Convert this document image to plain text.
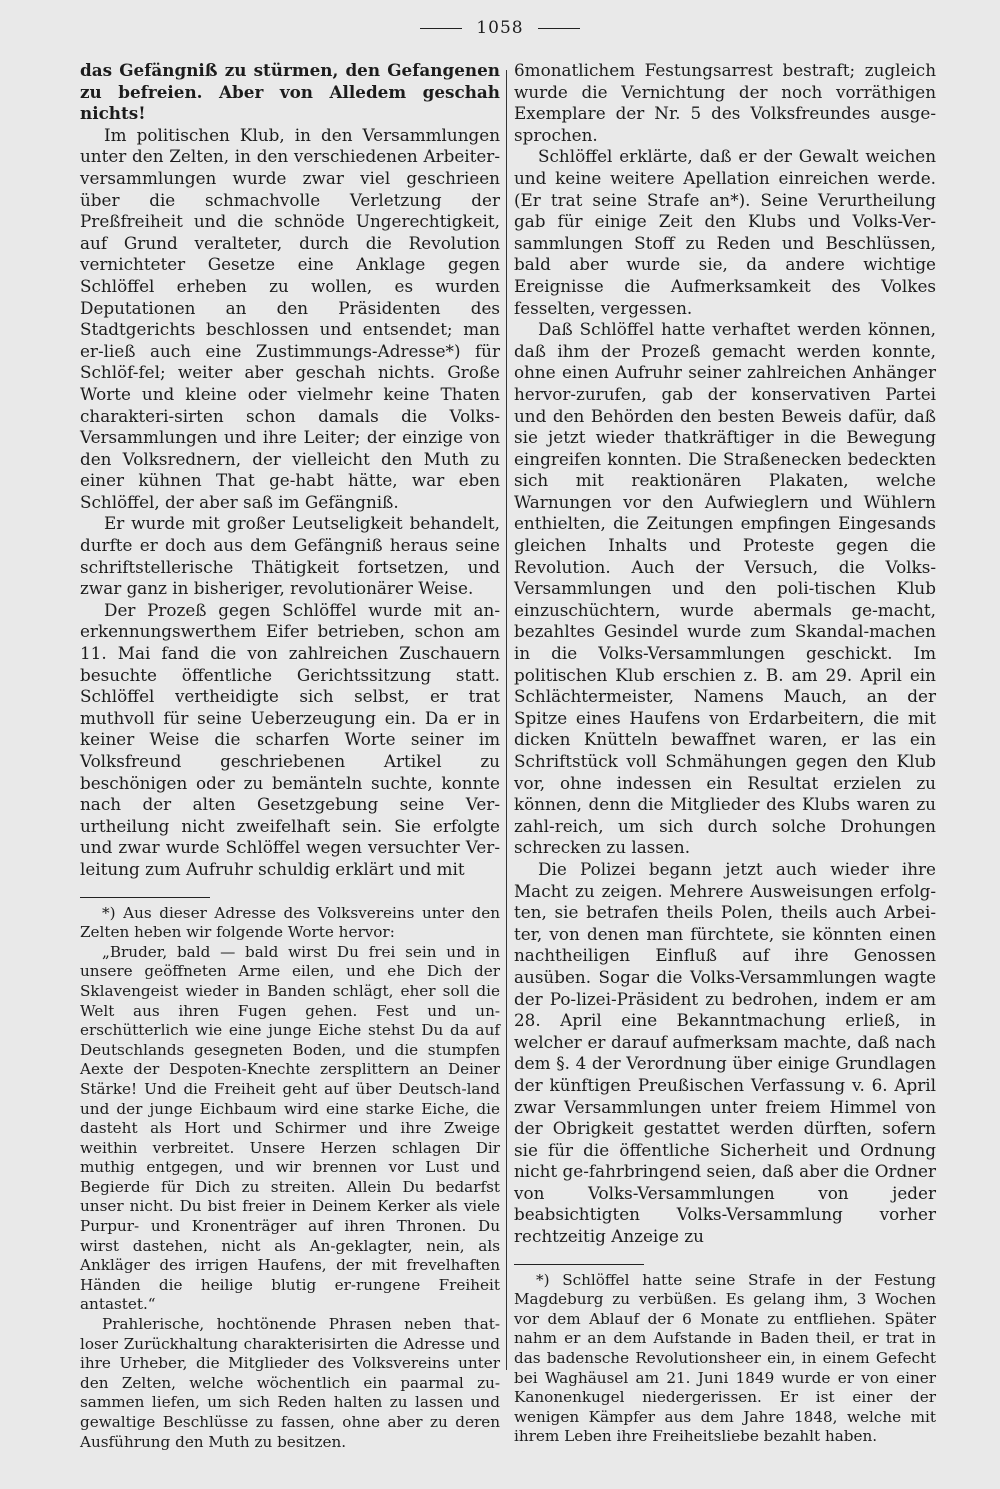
1058

das Gefängniß zu stürmen, den Gefangenen zu befreien. Aber von Alledem geschah nichts!

Im politischen Klub, in den Versammlungen unter den Zelten, in den verschiedenen Arbeiter-versammlungen wurde zwar viel geschrieen über die schmachvolle Verletzung der Preßfreiheit und die schnöde Ungerechtigkeit, auf Grund veralteter, durch die Revolution vernichteter Gesetze eine Anklage gegen Schlöffel erheben zu wollen, es wurden Deputationen an den Präsidenten des Stadtgerichts beschlossen und entsendet; man er-ließ auch eine Zustimmungs-Adresse*) für Schlöf-fel; weiter aber geschah nichts. Große Worte und kleine oder vielmehr keine Thaten charakteri-sirten schon damals die Volks-Versammlungen und ihre Leiter; der einzige von den Volksrednern, der vielleicht den Muth zu einer kühnen That ge-habt hätte, war eben Schlöffel, der aber saß im Gefängniß.

Er wurde mit großer Leutseligkeit behandelt, durfte er doch aus dem Gefängniß heraus seine schriftstellerische Thätigkeit fortsetzen, und zwar ganz in bisheriger, revolutionärer Weise.

Der Prozeß gegen Schlöffel wurde mit an-erkennungswerthem Eifer betrieben, schon am 11. Mai fand die von zahlreichen Zuschauern besuchte öffentliche Gerichtssitzung statt. Schlöffel vertheidigte sich selbst, er trat muthvoll für seine Ueberzeugung ein. Da er in keiner Weise die scharfen Worte seiner im Volksfreund geschriebenen Artikel zu beschönigen oder zu bemänteln suchte, konnte nach der alten Gesetzgebung seine Ver-urtheilung nicht zweifelhaft sein. Sie erfolgte und zwar wurde Schlöffel wegen versuchter Ver-leitung zum Aufruhr schuldig erklärt und mit

*) Aus dieser Adresse des Volksvereins unter den Zelten heben wir folgende Worte hervor:

„Bruder, bald — bald wirst Du frei sein und in unsere geöffneten Arme eilen, und ehe Dich der Sklavengeist wieder in Banden schlägt, eher soll die Welt aus ihren Fugen gehen. Fest und un-erschütterlich wie eine junge Eiche stehst Du da auf Deutschlands gesegneten Boden, und die stumpfen Aexte der Despoten-Knechte zersplittern an Deiner Stärke! Und die Freiheit geht auf über Deutsch-land und der junge Eichbaum wird eine starke Eiche, die dasteht als Hort und Schirmer und ihre Zweige weithin verbreitet. Unsere Herzen schlagen Dir muthig entgegen, und wir brennen vor Lust und Begierde für Dich zu streiten. Allein Du bedarfst unser nicht. Du bist freier in Deinem Kerker als viele Purpur- und Kronenträger auf ihren Thronen. Du wirst dastehen, nicht als An-geklagter, nein, als Ankläger des irrigen Haufens, der mit frevelhaften Händen die heilige blutig er-rungene Freiheit antastet.“

Prahlerische, hochtönende Phrasen neben that-loser Zurückhaltung charakterisirten die Adresse und ihre Urheber, die Mitglieder des Volksvereins unter den Zelten, welche wöchentlich ein paarmal zu-sammen liefen, um sich Reden halten zu lassen und gewaltige Beschlüsse zu fassen, ohne aber zu deren Ausführung den Muth zu besitzen.

6monatlichem Festungsarrest bestraft; zugleich wurde die Vernichtung der noch vorräthigen Exemplare der Nr. 5 des Volksfreundes ausge-sprochen.

Schlöffel erklärte, daß er der Gewalt weichen und keine weitere Apellation einreichen werde. (Er trat seine Strafe an*). Seine Verurtheilung gab für einige Zeit den Klubs und Volks-Ver-sammlungen Stoff zu Reden und Beschlüssen, bald aber wurde sie, da andere wichtige Ereignisse die Aufmerksamkeit des Volkes fesselten, vergessen.

Daß Schlöffel hatte verhaftet werden können, daß ihm der Prozeß gemacht werden konnte, ohne einen Aufruhr seiner zahlreichen Anhänger hervor-zurufen, gab der konservativen Partei und den Behörden den besten Beweis dafür, daß sie jetzt wieder thatkräftiger in die Bewegung eingreifen konnten. Die Straßenecken bedeckten sich mit reaktionären Plakaten, welche Warnungen vor den Aufwieglern und Wühlern enthielten, die Zeitungen empfingen Eingesands gleichen Inhalts und Proteste gegen die Revolution. Auch der Versuch, die Volks-Versammlungen und den poli-tischen Klub einzuschüchtern, wurde abermals ge-macht, bezahltes Gesindel wurde zum Skandal-machen in die Volks-Versammlungen geschickt. Im politischen Klub erschien z. B. am 29. April ein Schlächtermeister, Namens Mauch, an der Spitze eines Haufens von Erdarbeitern, die mit dicken Knütteln bewaffnet waren, er las ein Schriftstück voll Schmähungen gegen den Klub vor, ohne indessen ein Resultat erzielen zu können, denn die Mitglieder des Klubs waren zu zahl-reich, um sich durch solche Drohungen schrecken zu lassen.

Die Polizei begann jetzt auch wieder ihre Macht zu zeigen. Mehrere Ausweisungen erfolg-ten, sie betrafen theils Polen, theils auch Arbei-ter, von denen man fürchtete, sie könnten einen nachtheiligen Einfluß auf ihre Genossen ausüben. Sogar die Volks-Versammlungen wagte der Po-lizei-Präsident zu bedrohen, indem er am 28. April eine Bekanntmachung erließ, in welcher er darauf aufmerksam machte, daß nach dem §. 4 der Verordnung über einige Grundlagen der künftigen Preußischen Verfassung v. 6. April zwar Versammlungen unter freiem Himmel von der Obrigkeit gestattet werden dürften, sofern sie für die öffentliche Sicherheit und Ordnung nicht ge-fahrbringend seien, daß aber die Ordner von Volks-Versammlungen von jeder beabsichtigten Volks-Versammlung vorher rechtzeitig Anzeige zu

*) Schlöffel hatte seine Strafe in der Festung Magdeburg zu verbüßen. Es gelang ihm, 3 Wochen vor dem Ablauf der 6 Monate zu entfliehen. Später nahm er an dem Aufstande in Baden theil, er trat in das badensche Revolutionsheer ein, in einem Gefecht bei Waghäusel am 21. Juni 1849 wurde er von einer Kanonenkugel niedergerissen. Er ist einer der wenigen Kämpfer aus dem Jahre 1848, welche mit ihrem Leben ihre Freiheitsliebe bezahlt haben.
